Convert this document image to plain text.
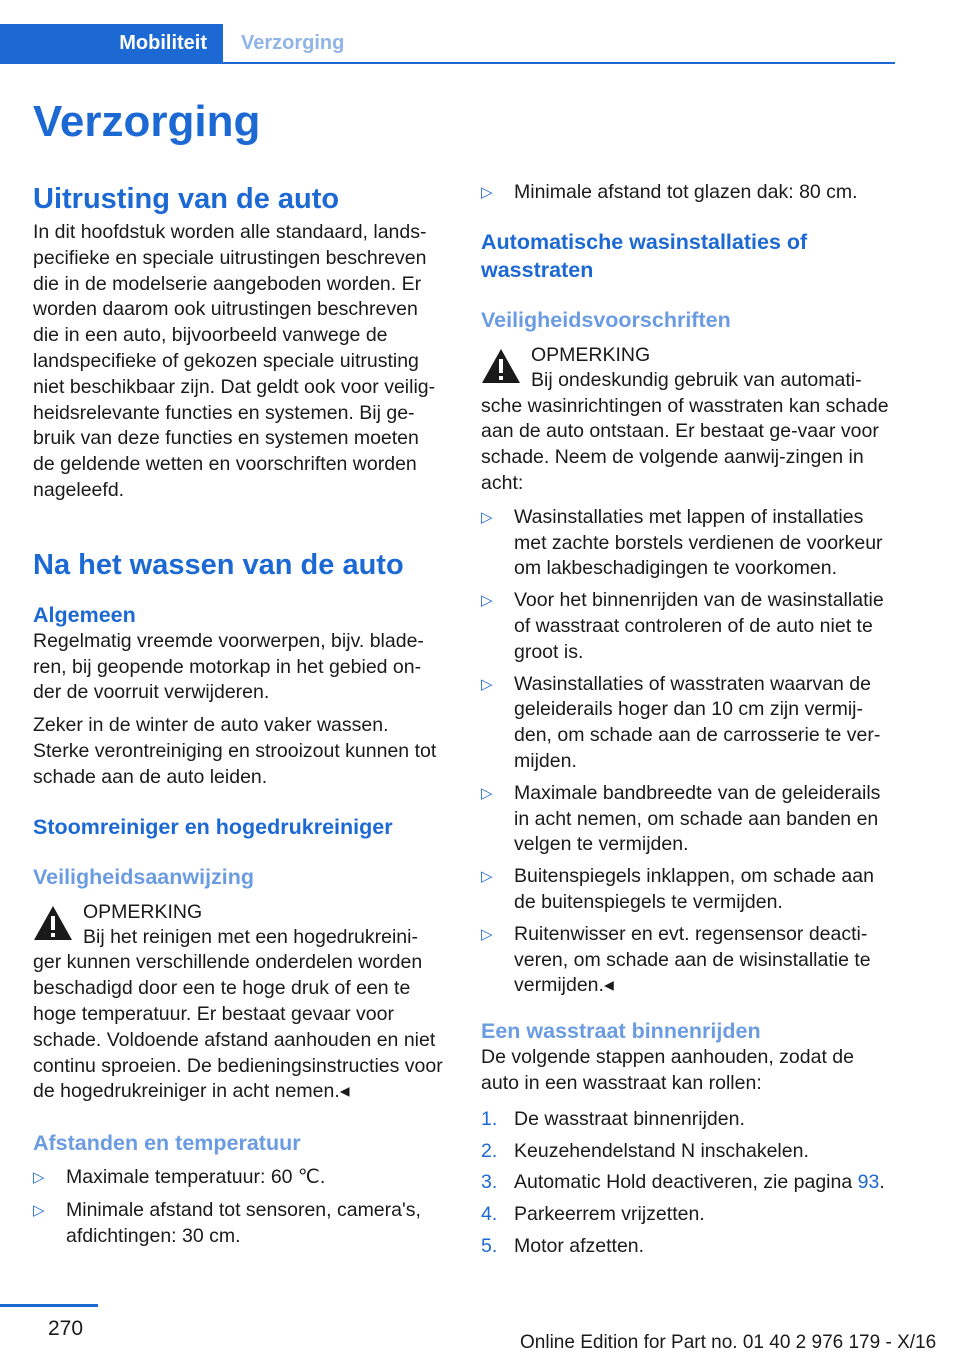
Mobiliteit	Verzorging
Verzorging
Uitrusting van de auto

In dit hoofdstuk worden alle standaard, lands-pecifieke en speciale uitrustingen beschreven die in de modelserie aangeboden worden. Er worden daarom ook uitrustingen beschreven die in een auto, bijvoorbeeld vanwege de landspecifieke of gekozen speciale uitrusting niet beschikbaar zijn. Dat geldt ook voor veilig-heidsrelevante functies en systemen. Bij ge-bruik van deze functies en systemen moeten de geldende wetten en voorschriften worden nageleefd.

Na het wassen van de auto
Algemeen

Regelmatig vreemde voorwerpen, bijv. blade-ren, bij geopende motorkap in het gebied on-der de voorruit verwijderen.

Zeker in de winter de auto vaker wassen. Sterke verontreiniging en strooizout kunnen tot schade aan de auto leiden.

Stoomreiniger en hogedrukreiniger
Veiligheidsaanwijzing
OPMERKING

Bij het reinigen met een hogedrukreini-ger kunnen verschillende onderdelen worden beschadigd door een te hoge druk of een te hoge temperatuur. Er bestaat gevaar voor schade. Voldoende afstand aanhouden en niet continu sproeien. De bedieningsinstructies voor de hogedrukreiniger in acht nemen.◂

Afstanden en temperatuur
▷ Maximale temperatuur: 60 ℃.
▷ Minimale afstand tot sensoren, camera's, afdichtingen: 30 cm.
▷ Minimale afstand tot glazen dak: 80 cm.
Automatische wasinstallaties of wasstraten
Veiligheidsvoorschriften
OPMERKING

Bij ondeskundig gebruik van automati-sche wasinrichtingen of wasstraten kan schade aan de auto ontstaan. Er bestaat ge-vaar voor schade. Neem de volgende aanwij-zingen in acht:

▷ Wasinstallaties met lappen of installaties met zachte borstels verdienen de voorkeur om lakbeschadigingen te voorkomen.
▷ Voor het binnenrijden van de wasinstallatie of wasstraat controleren of de auto niet te groot is.
▷ Wasinstallaties of wasstraten waarvan de geleiderails hoger dan 10 cm zijn vermij-den, om schade aan de carrosserie te ver-mijden.
▷ Maximale bandbreedte van de geleiderails in acht nemen, om schade aan banden en velgen te vermijden.
▷ Buitenspiegels inklappen, om schade aan de buitenspiegels te vermijden.
▷ Ruitenwisser en evt. regensensor deacti-veren, om schade aan de wisinstallatie te vermijden.◂
Een wasstraat binnenrijden

De volgende stappen aanhouden, zodat de auto in een wasstraat kan rollen:

1. De wasstraat binnenrijden.
2. Keuzehendelstand N inschakelen.
3. Automatic Hold deactiveren, zie pagina 93.
4. Parkeerrem vrijzetten.
5. Motor afzetten.
270
Online Edition for Part no. 01 40 2 976 179 - X/16
